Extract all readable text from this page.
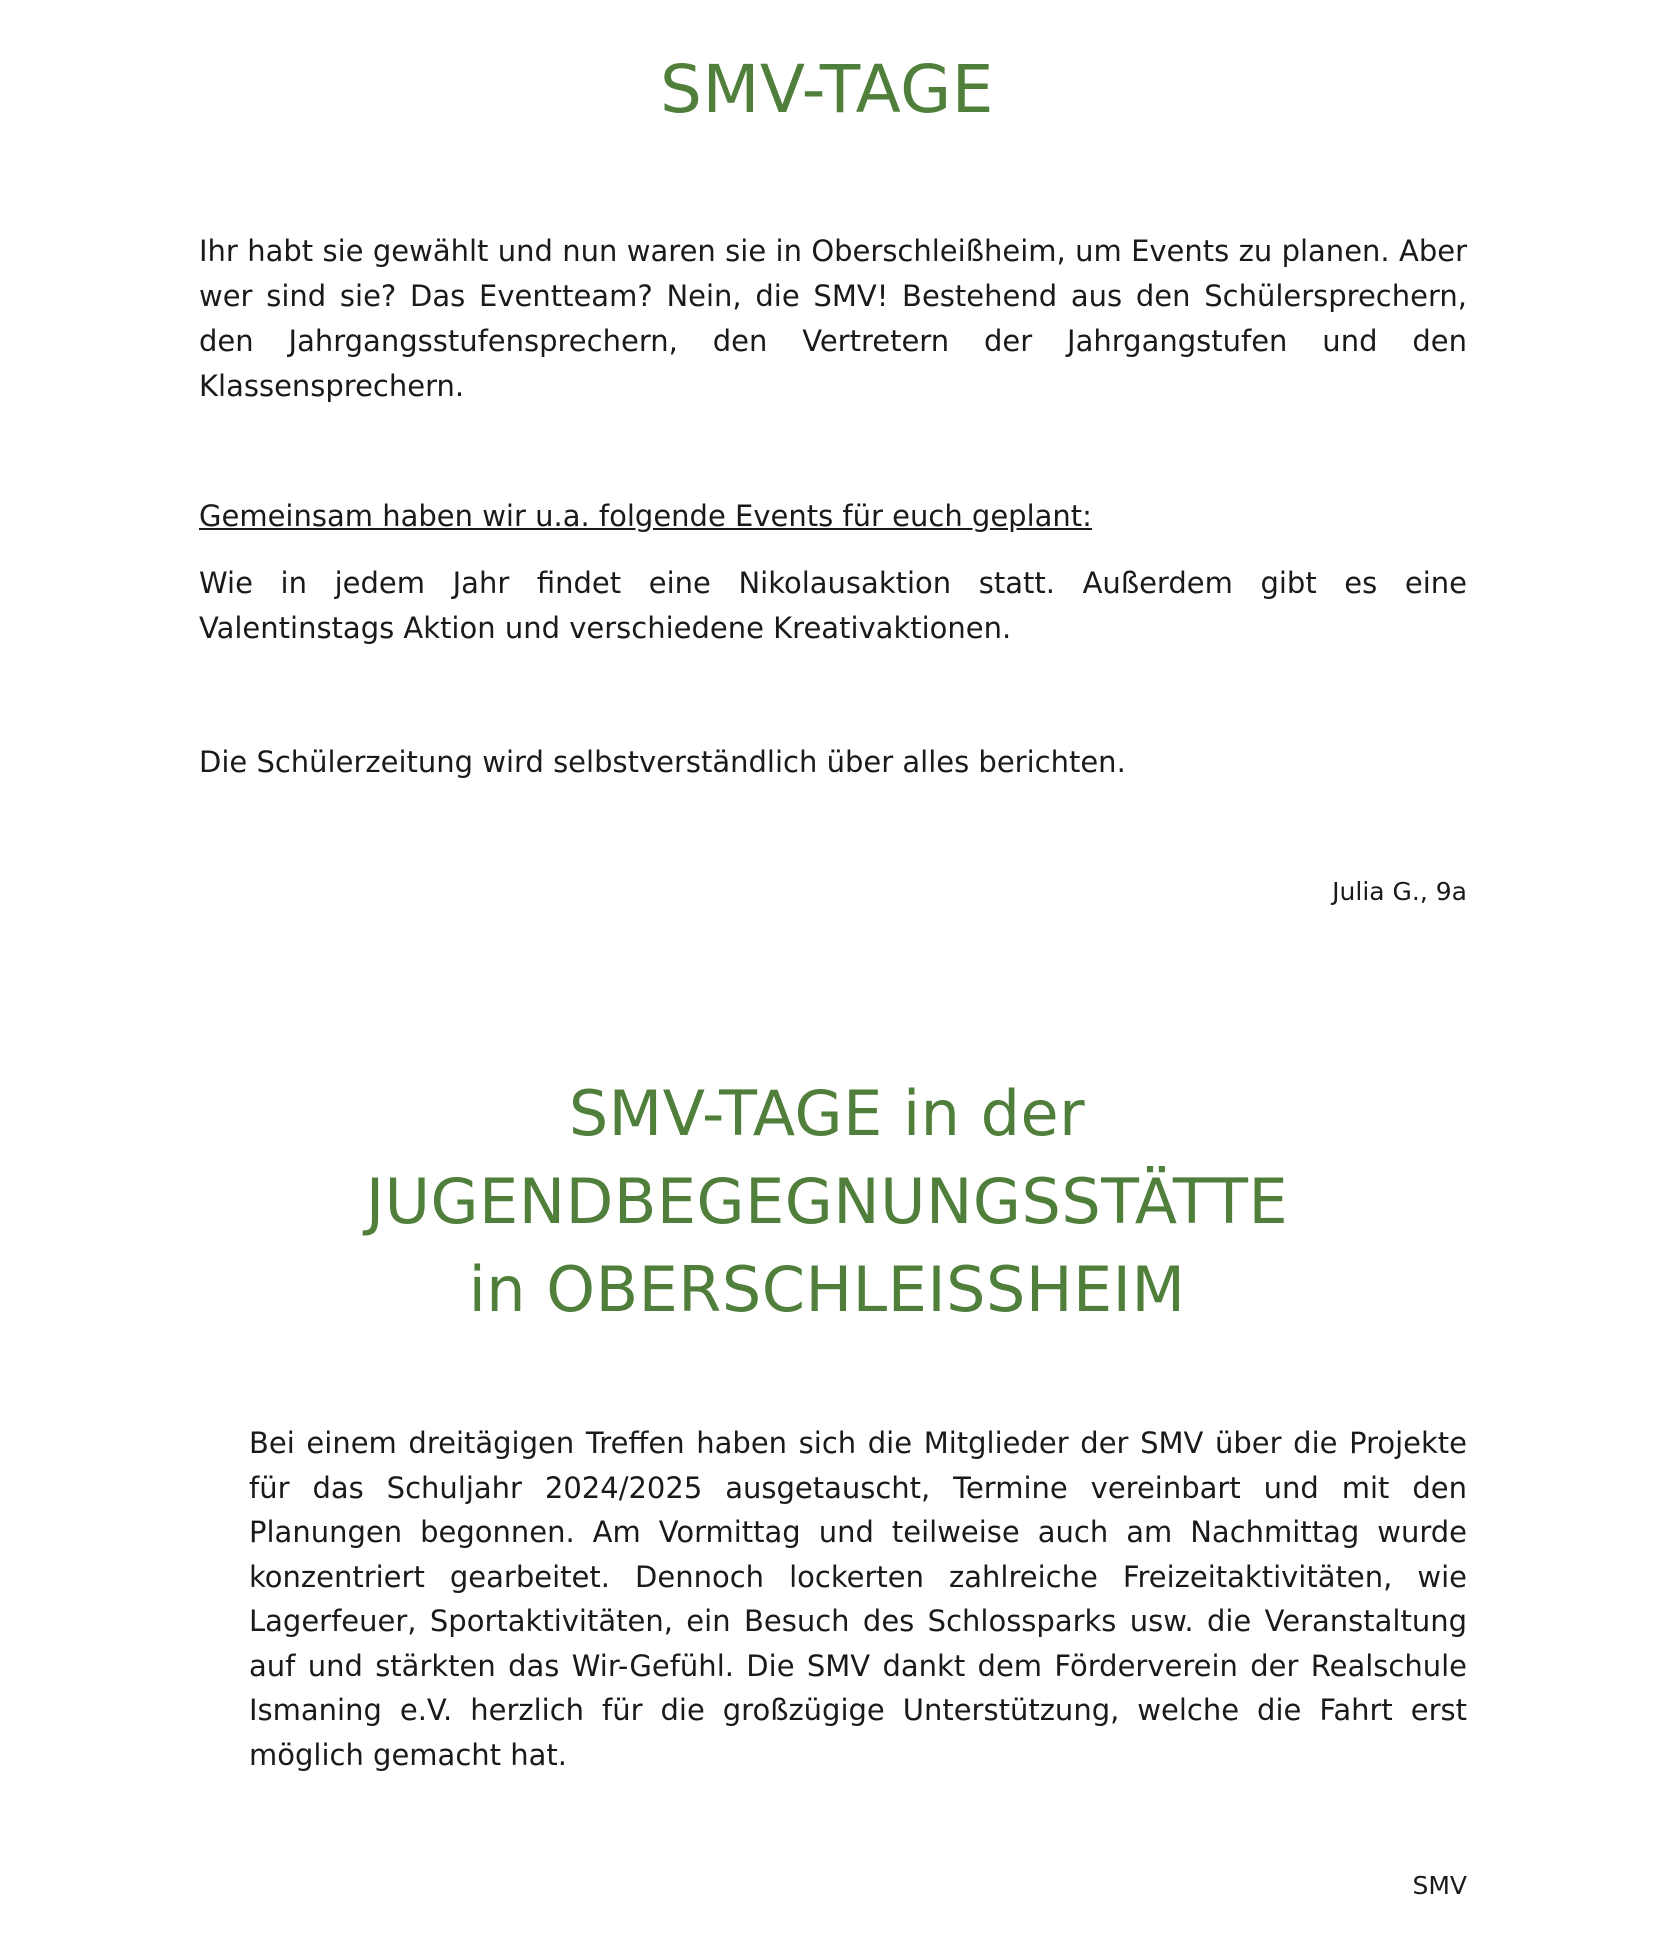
SMV-TAGE

Ihr habt sie gewählt und nun waren sie in Oberschleißheim, um Events zu planen. Aber wer sind sie? Das Eventteam? Nein, die SMV! Bestehend aus den Schülersprechern, den Jahrgangsstufensprechern, den Vertretern der Jahrgangstufen und den Klassensprechern.

Gemeinsam haben wir u.a. folgende Events für euch geplant:

Wie in jedem Jahr findet eine Nikolausaktion statt. Außerdem gibt es eine Valentinstags Aktion und verschiedene Kreativaktionen.

Die Schülerzeitung wird selbstverständlich über alles berichten.

Julia G., 9a

SMV-TAGE in der
JUGENDBEGEGNUNGSSTÄTTE
in OBERSCHLEISSHEIM

Bei einem dreitägigen Treffen haben sich die Mitglieder der SMV über die Projekte für das Schuljahr 2024/2025 ausgetauscht, Termine vereinbart und mit den Planungen begonnen. Am Vormittag und teilweise auch am Nachmittag wurde konzentriert gearbeitet. Dennoch lockerten zahlreiche Freizeitaktivitäten, wie Lagerfeuer, Sportaktivitäten, ein Besuch des Schlossparks usw. die Veranstaltung auf und stärkten das Wir-Gefühl. Die SMV dankt dem Förderverein der Realschule Ismaning e.V. herzlich für die großzügige Unterstützung, welche die Fahrt erst möglich gemacht hat.

SMV
